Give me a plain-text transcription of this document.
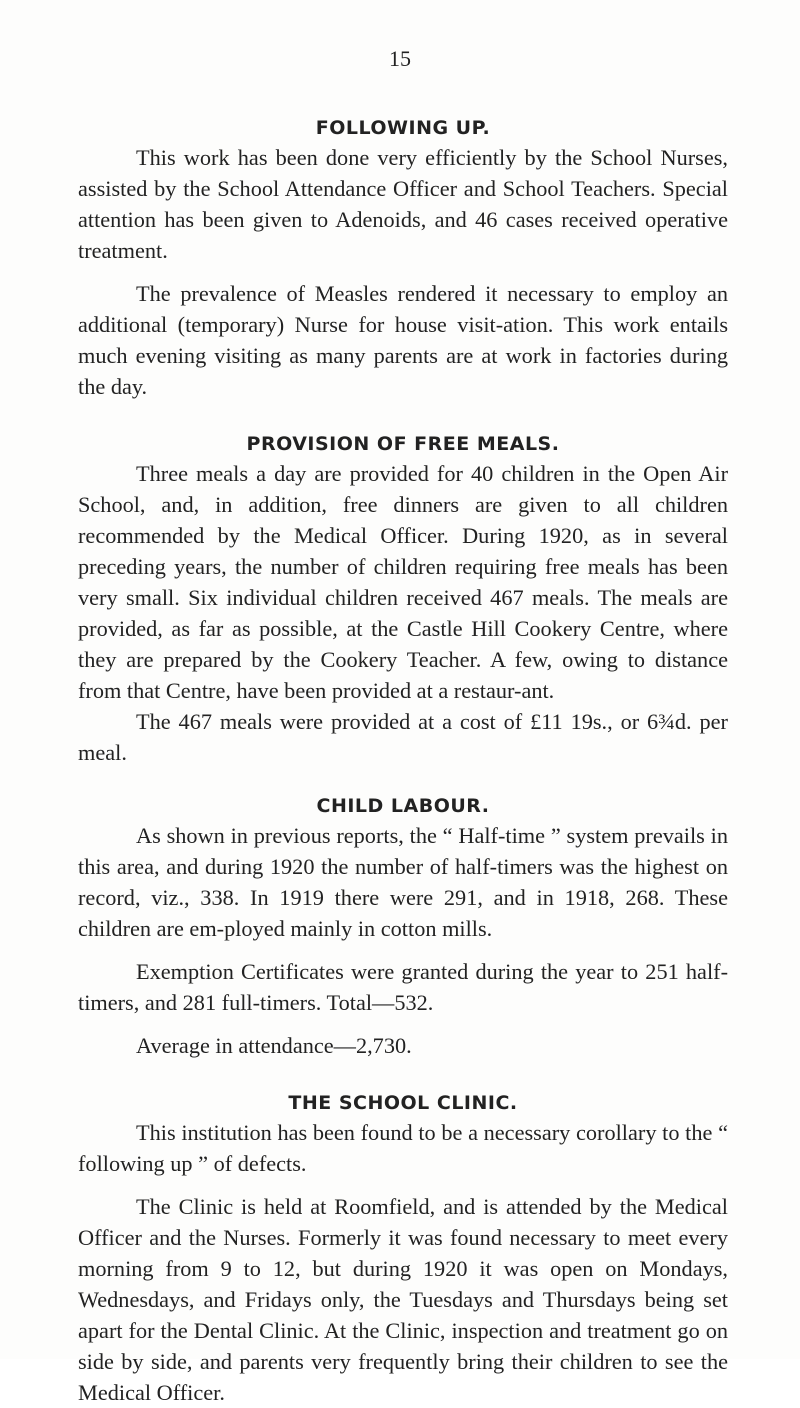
15
FOLLOWING UP.

This work has been done very efficiently by the School Nurses, assisted by the School Attendance Officer and School Teachers. Special attention has been given to Adenoids, and 46 cases received operative treatment.

The prevalence of Measles rendered it necessary to employ an additional (temporary) Nurse for house visit-ation. This work entails much evening visiting as many parents are at work in factories during the day.

PROVISION OF FREE MEALS.

Three meals a day are provided for 40 children in the Open Air School, and, in addition, free dinners are given to all children recommended by the Medical Officer. During 1920, as in several preceding years, the number of children requiring free meals has been very small. Six individual children received 467 meals. The meals are provided, as far as possible, at the Castle Hill Cookery Centre, where they are prepared by the Cookery Teacher. A few, owing to distance from that Centre, have been provided at a restaur-ant.

The 467 meals were provided at a cost of £11 19s., or 6¾d. per meal.

CHILD LABOUR.

As shown in previous reports, the “ Half-time ” system prevails in this area, and during 1920 the number of half-timers was the highest on record, viz., 338. In 1919 there were 291, and in 1918, 268. These children are em-ployed mainly in cotton mills.

Exemption Certificates were granted during the year to 251 half-timers, and 281 full-timers. Total—532.

Average in attendance—2,730.

THE SCHOOL CLINIC.

This institution has been found to be a necessary corollary to the “ following up ” of defects.

The Clinic is held at Roomfield, and is attended by the Medical Officer and the Nurses. Formerly it was found necessary to meet every morning from 9 to 12, but during 1920 it was open on Mondays, Wednesdays, and Fridays only, the Tuesdays and Thursdays being set apart for the Dental Clinic. At the Clinic, inspection and treatment go on side by side, and parents very frequently bring their children to see the Medical Officer.
